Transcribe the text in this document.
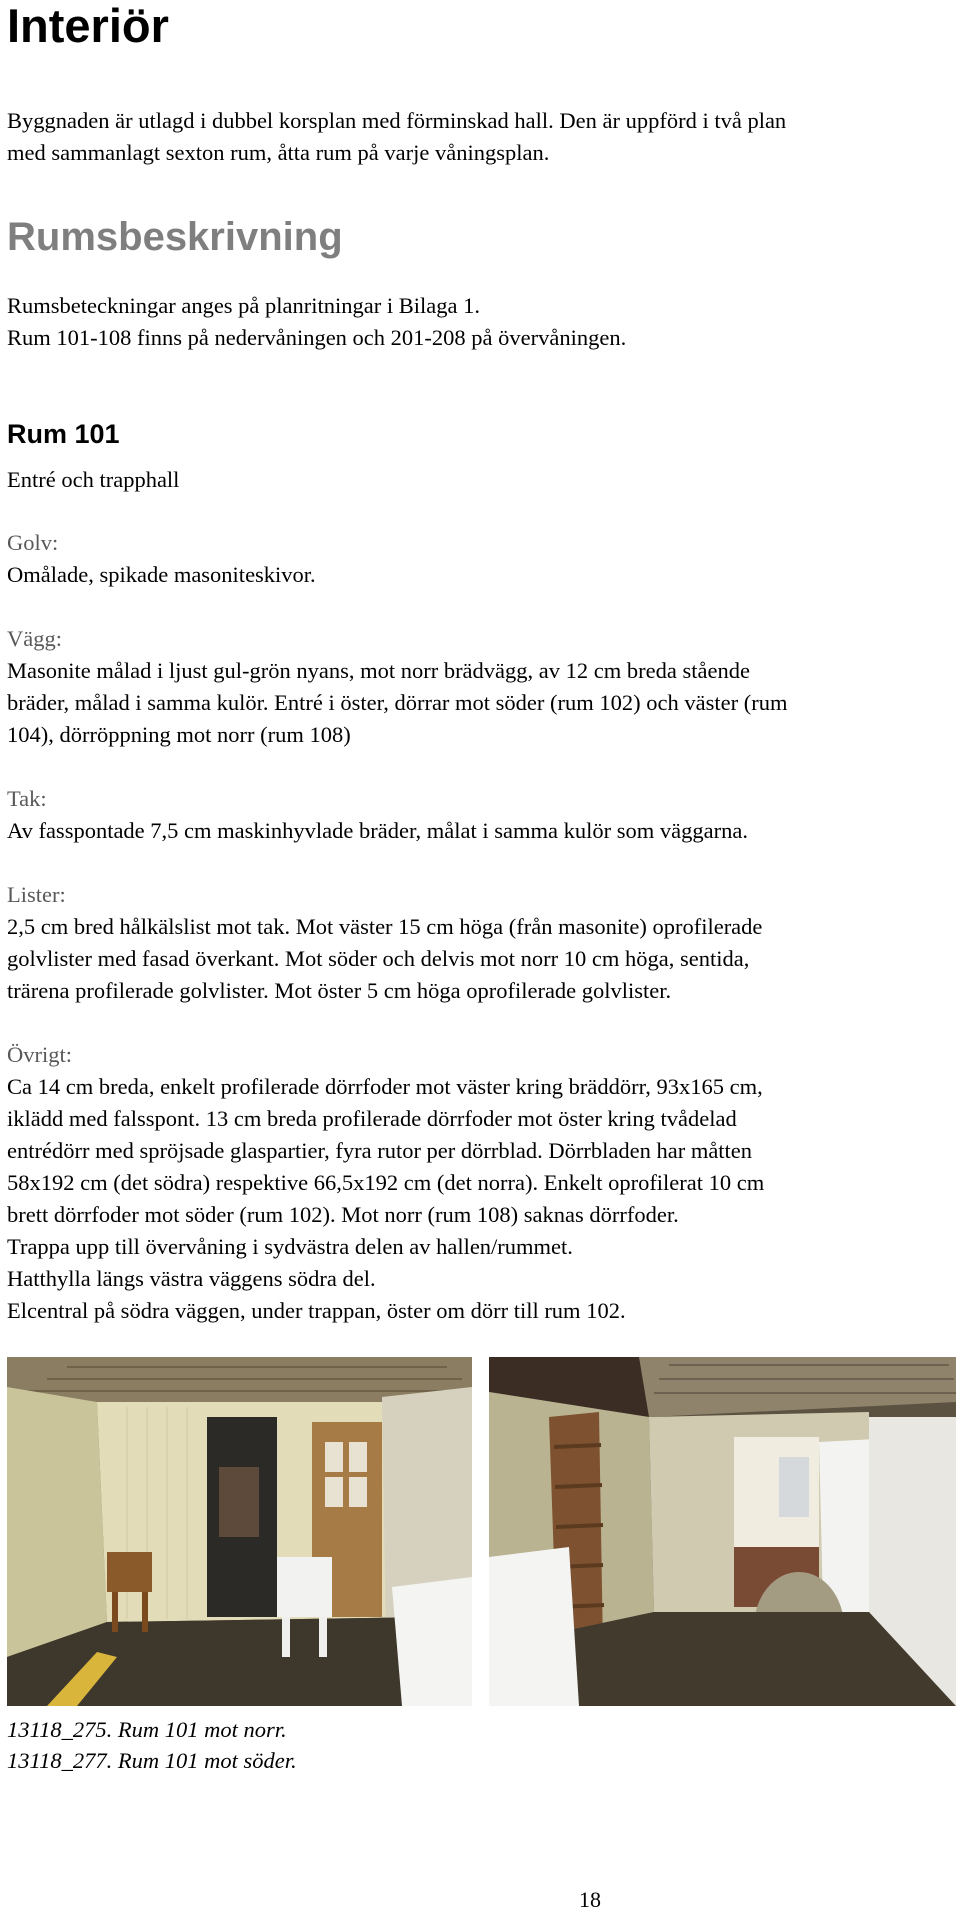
Interiör
Byggnaden är utlagd i dubbel korsplan med förminskad hall. Den är uppförd i två plan
med sammanlagt sexton rum, åtta rum på varje våningsplan.
Rumsbeskrivning
Rumsbeteckningar anges på planritningar i Bilaga 1.
Rum 101-108 finns på nedervåningen och 201-208 på övervåningen.
Rum 101
Entré och trapphall
Golv:
Omålade, spikade masoniteskivor.
Vägg:
Masonite målad i ljust gul-grön nyans, mot norr brädvägg, av 12 cm breda stående
bräder, målad i samma kulör. Entré i öster, dörrar mot söder (rum 102) och väster (rum
104), dörröppning mot norr (rum 108)
Tak:
Av fasspontade 7,5 cm maskinhyvlade bräder, målat i samma kulör som väggarna.
Lister:
2,5 cm bred hålkälslist mot tak. Mot väster 15 cm höga (från masonite) oprofilerade
golvlister med fasad överkant. Mot söder och delvis mot norr 10 cm höga, sentida,
trärena profilerade golvlister. Mot öster 5 cm höga oprofilerade golvlister.
Övrigt:
Ca 14 cm breda, enkelt profilerade dörrfoder mot väster kring bräddörr, 93x165 cm,
iklädd med falsspont. 13 cm breda profilerade dörrfoder mot öster kring tvådelad
entrédörr med spröjsade glaspartier, fyra rutor per dörrblad. Dörrbladen har måtten
58x192 cm (det södra) respektive 66,5x192 cm (det norra). Enkelt oprofilerat 10 cm
brett dörrfoder mot söder (rum 102). Mot norr (rum 108) saknas dörrfoder.
Trappa upp till övervåning i sydvästra delen av hallen/rummet.
Hatthylla längs västra väggens södra del.
Elcentral på södra väggen, under trappan, öster om dörr till rum 102.
13118_275. Rum 101 mot norr.
13118_277. Rum 101 mot söder.
18
